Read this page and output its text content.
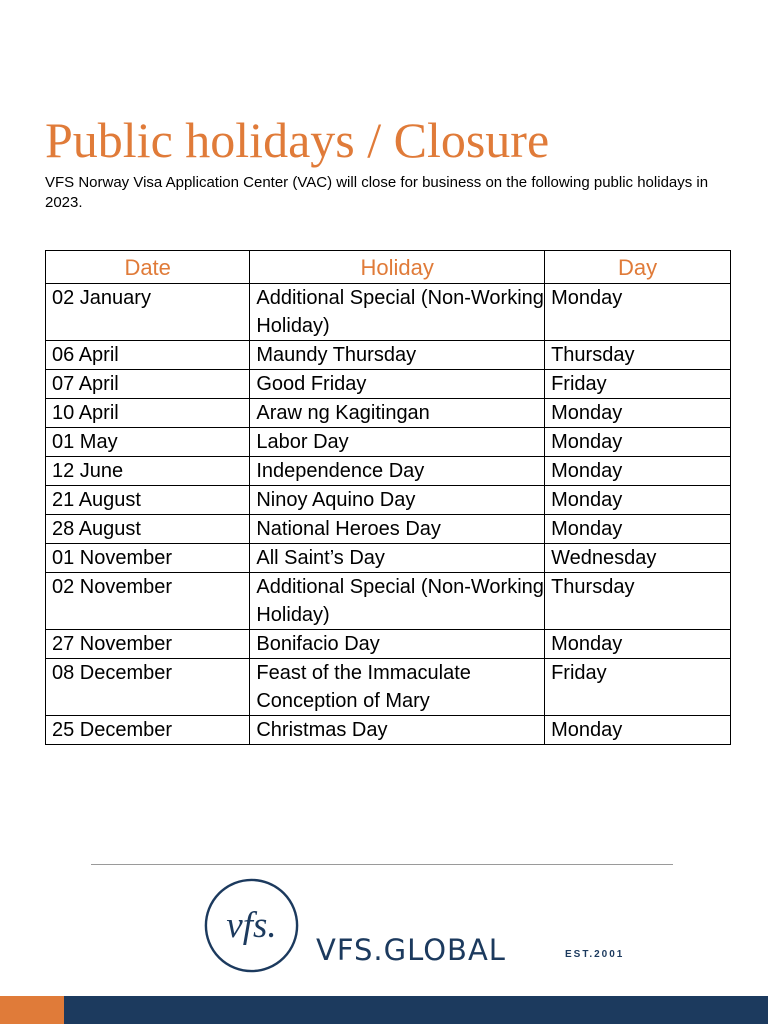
Public holidays / Closure

VFS Norway Visa Application Center (VAC) will close for business on the following public holidays in 2023.

Date	Holiday	Day
02 January	Additional Special (Non-Working Holiday)	Monday
06 April	Maundy Thursday	Thursday
07 April	Good Friday	Friday
10 April	Araw ng Kagitingan	Monday
01 May	Labor Day	Monday
12 June	Independence Day	Monday
21 August	Ninoy Aquino Day	Monday
28 August	National Heroes Day	Monday
01 November	All Saint’s Day	Wednesday
02 November	Additional Special (Non-Working Holiday)	Thursday
27 November	Bonifacio Day	Monday
08 December	Feast of the Immaculate Conception of Mary	Friday
25 December	Christmas Day	Monday
vfs.
VFS.GLOBAL	EST.2001
